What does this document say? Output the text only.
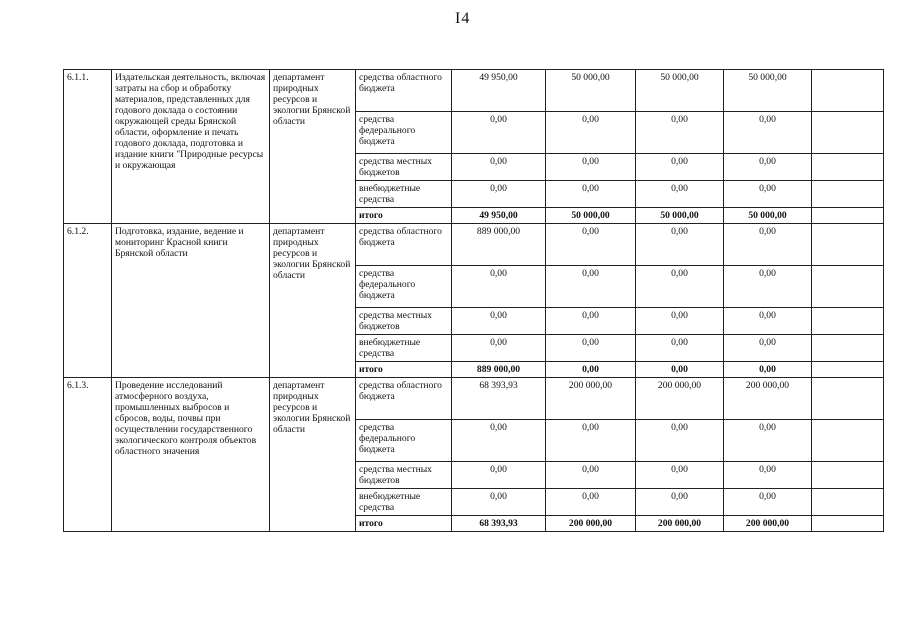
I4
6.1.1.	Издательская деятельность, включая затраты на сбор и обработку материалов, представленных для годового доклада о состоянии окружающей среды Брянской области, оформление и печать годового доклада, подготовка и издание книги "Природные ресурсы и окружающая	департамент природных ресурсов и экологии Брянской области	средства областного бюджета	49 950,00	50 000,00	50 000,00	50 000,00	
			средства федерального бюджета	0,00	0,00	0,00	0,00	
			средства местных бюджетов	0,00	0,00	0,00	0,00	
			внебюджетные средства	0,00	0,00	0,00	0,00	
			итого	49 950,00	50 000,00	50 000,00	50 000,00	
6.1.2.	Подготовка, издание, ведение и мониторинг Красной книги Брянской области	департамент природных ресурсов и экологии Брянской области	средства областного бюджета	889 000,00	0,00	0,00	0,00	
			средства федерального бюджета	0,00	0,00	0,00	0,00	
			средства местных бюджетов	0,00	0,00	0,00	0,00	
			внебюджетные средства	0,00	0,00	0,00	0,00	
			итого	889 000,00	0,00	0,00	0,00	
6.1.3.	Проведение исследований атмосферного воздуха, промышленных выбросов и сбросов, воды, почвы при осуществлении государственного экологического контроля объектов областного значения	департамент природных ресурсов и экологии Брянской области	средства областного бюджета	68 393,93	200 000,00	200 000,00	200 000,00	
			средства федерального бюджета	0,00	0,00	0,00	0,00	
			средства местных бюджетов	0,00	0,00	0,00	0,00	
			внебюджетные средства	0,00	0,00	0,00	0,00	
			итого	68 393,93	200 000,00	200 000,00	200 000,00	
